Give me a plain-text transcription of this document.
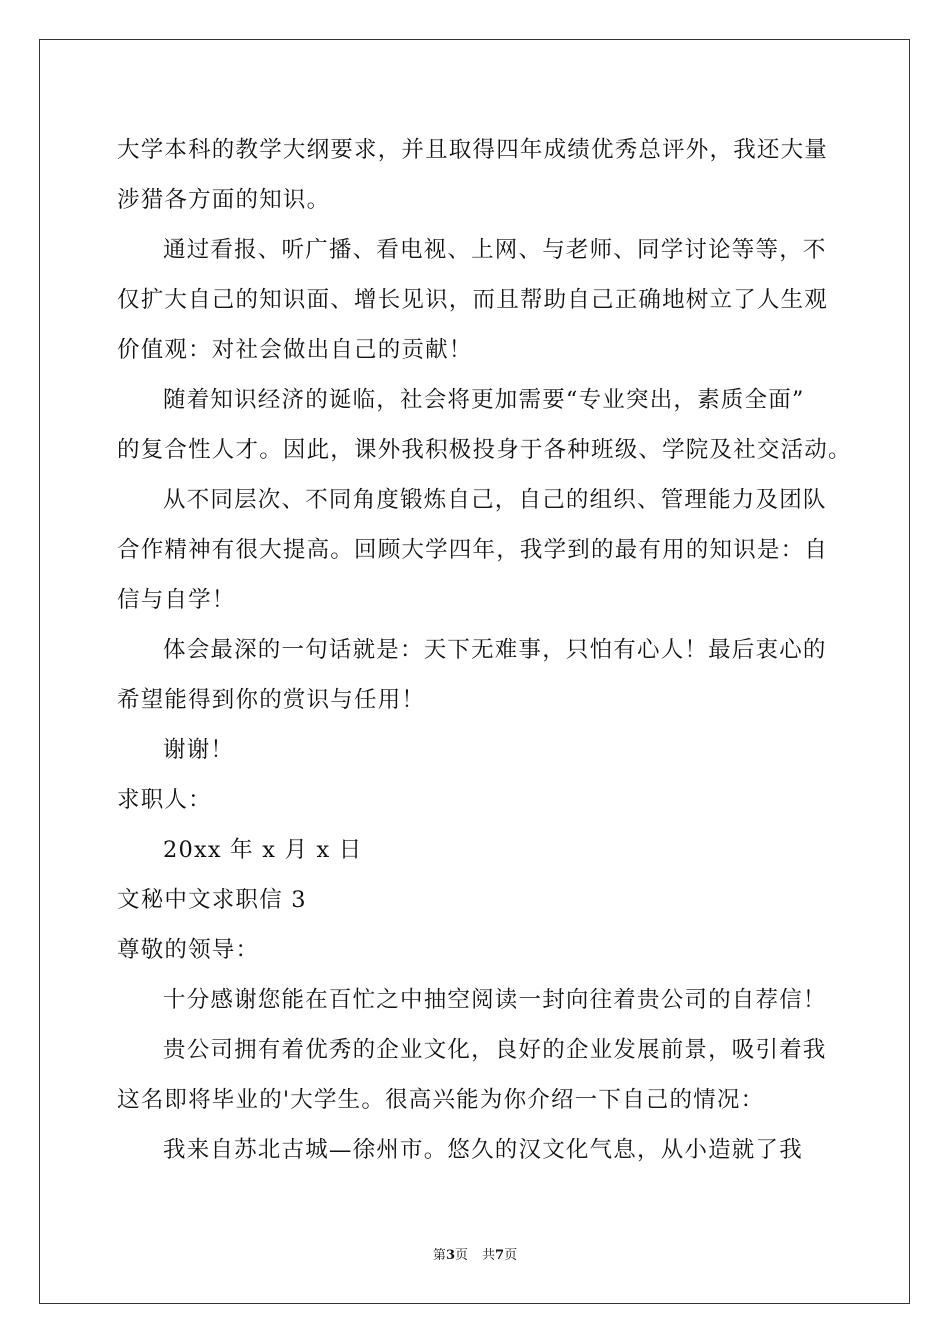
大学本科的教学大纲要求，并且取得四年成绩优秀总评外，我还大量
涉猎各方面的知识。
通过看报、听广播、看电视、上网、与老师、同学讨论等等，不
仅扩大自己的知识面、增长见识，而且帮助自己正确地树立了人生观
价值观：对社会做出自己的贡献！
随着知识经济的诞临，社会将更加需要“专业突出，素质全面”
的复合性人才。因此，课外我积极投身于各种班级、学院及社交活动。
从不同层次、不同角度锻炼自己，自己的组织、管理能力及团队
合作精神有很大提高。回顾大学四年，我学到的最有用的知识是：自
信与自学！
体会最深的一句话就是：天下无难事，只怕有心人！最后衷心的
希望能得到你的赏识与任用！
谢谢！
求职人：
20xx 年 x 月 x 日
文秘中文求职信 3
尊敬的领导：
十分感谢您能在百忙之中抽空阅读一封向往着贵公司的自荐信！
贵公司拥有着优秀的企业文化，良好的企业发展前景，吸引着我
这名即将毕业的'大学生。很高兴能为你介绍一下自己的情况：
我来自苏北古城—徐州市。悠久的汉文化气息，从小造就了我
第3页 共7页
